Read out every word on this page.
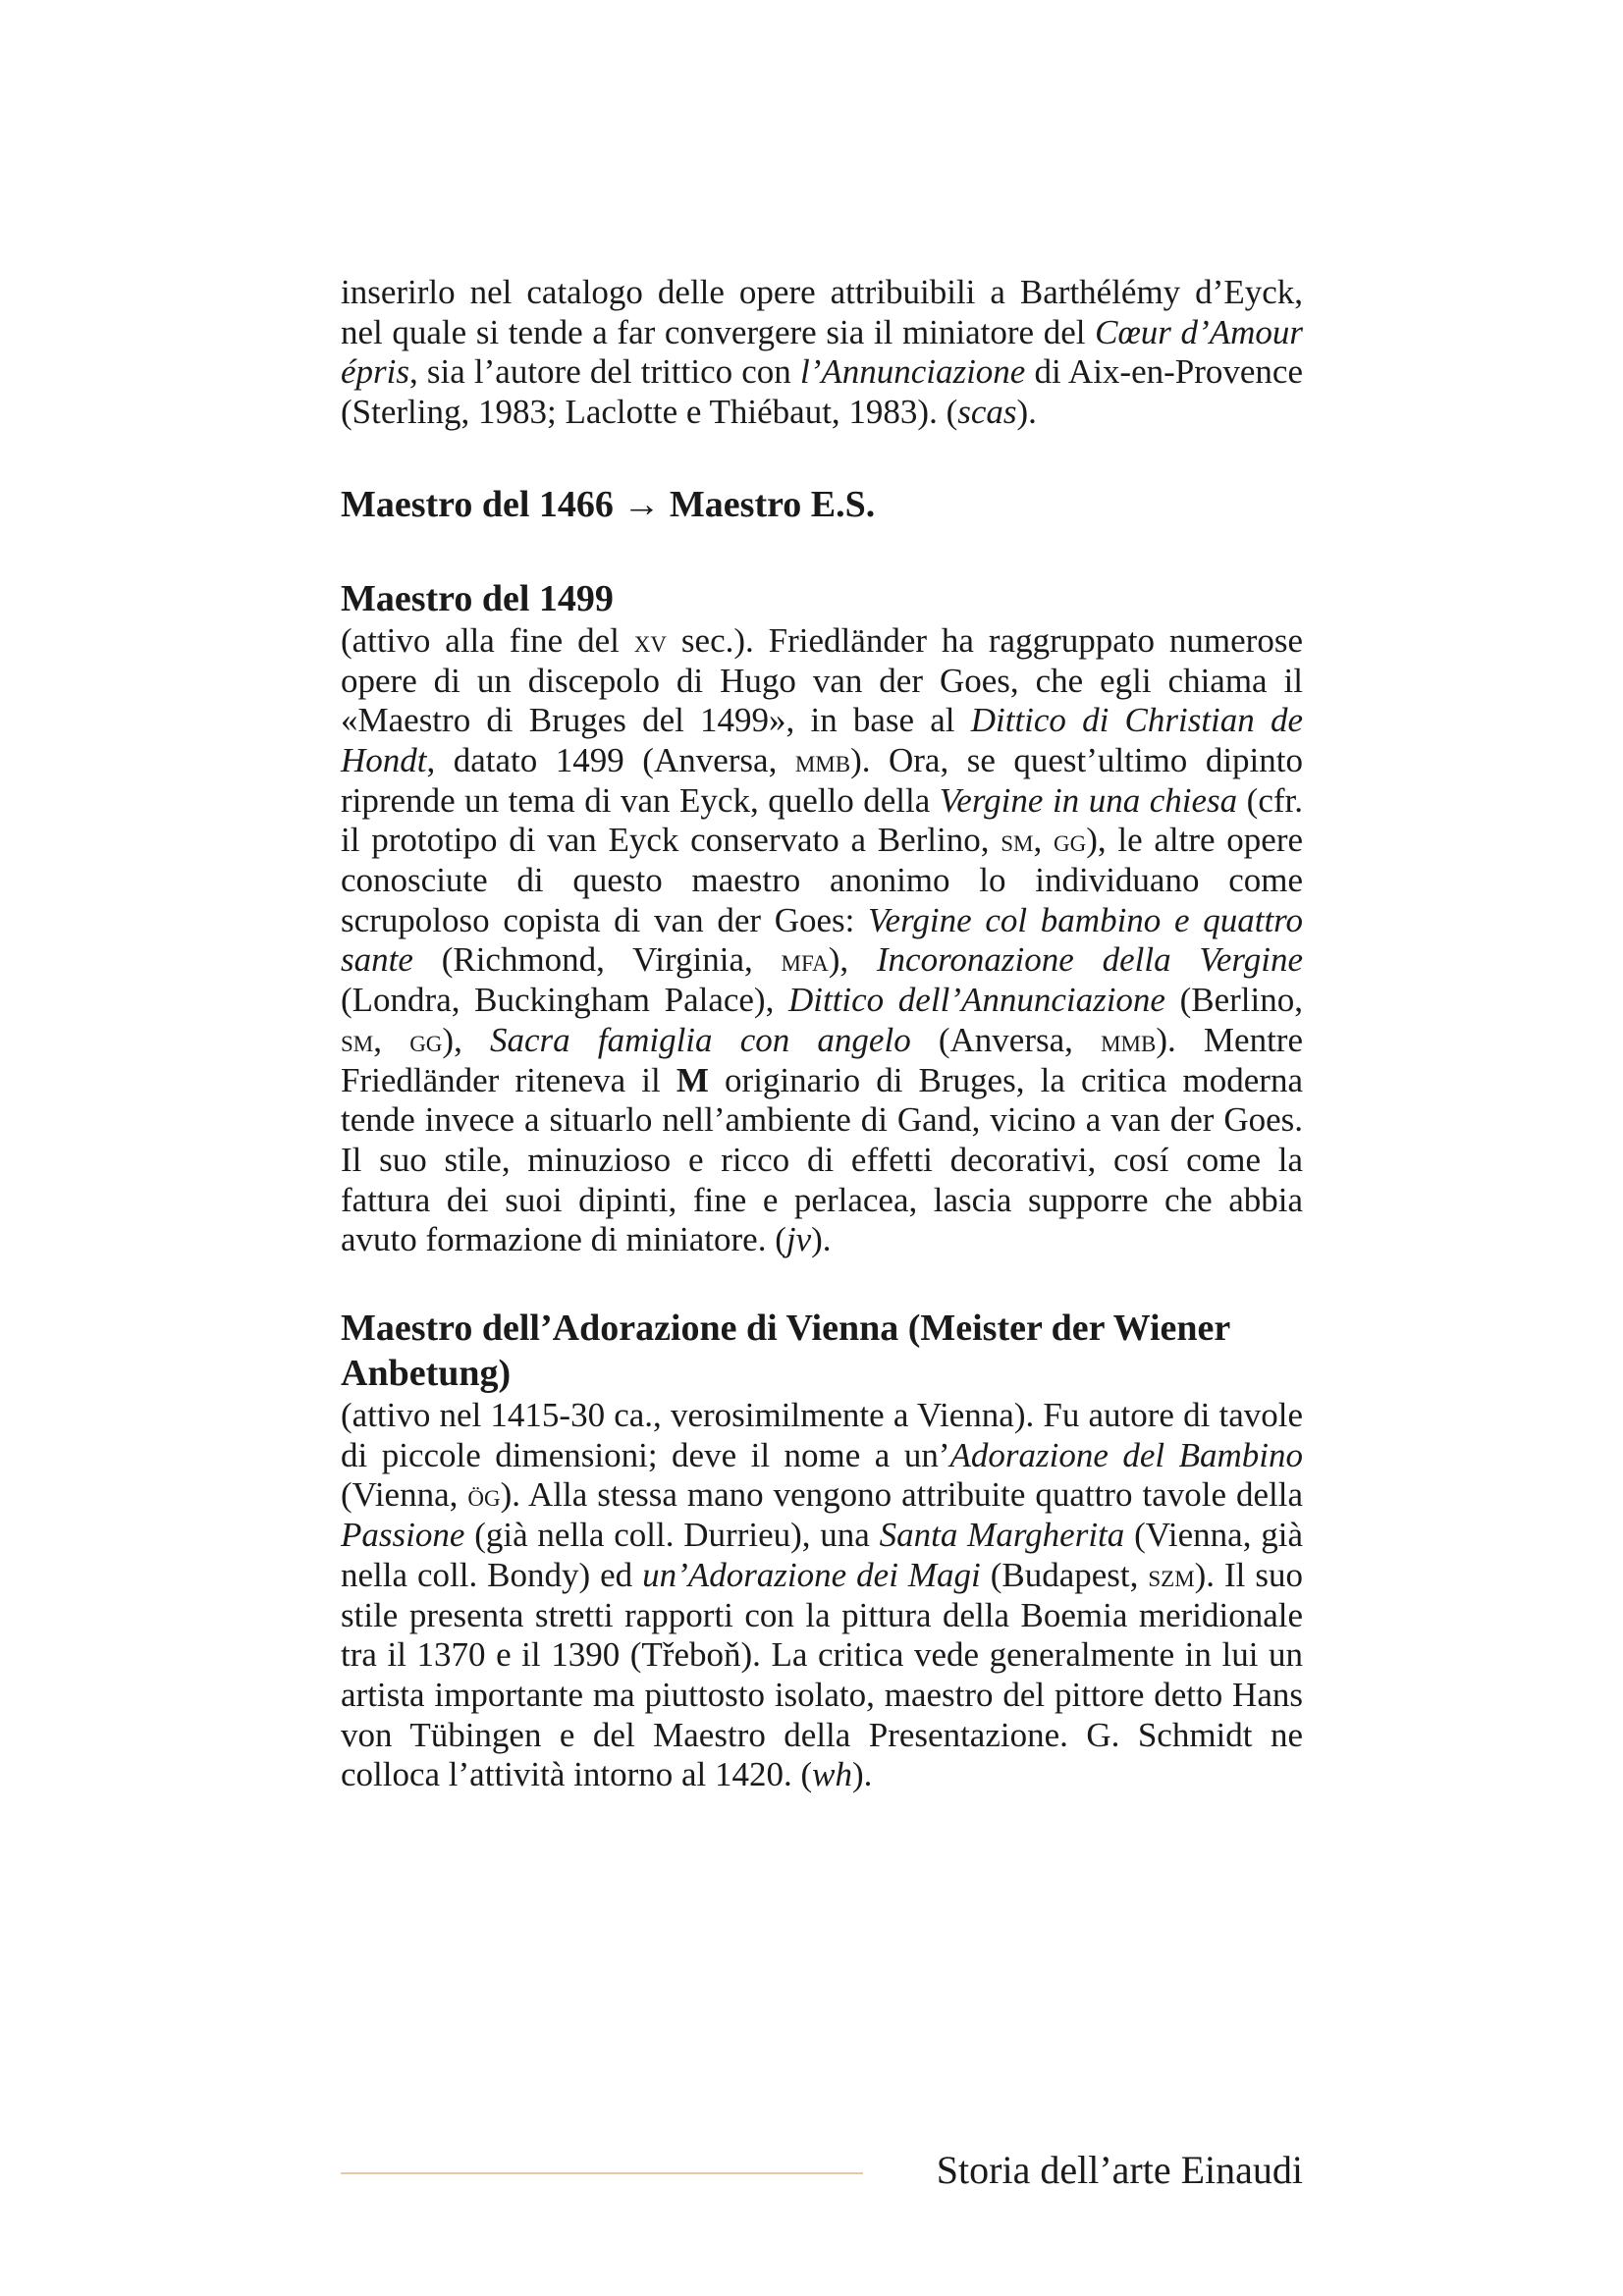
inserirlo nel catalogo delle opere attribuibili a Barthélémy d’Eyck, nel quale si tende a far convergere sia il miniatore del Cœur d’Amour épris, sia l’autore del trittico con l’Annunciazione di Aix-en-Provence (Sterling, 1983; Laclotte e Thiébaut, 1983). (scas).

Maestro del 1466 → Maestro E.S.
Maestro del 1499

(attivo alla fine del xv sec.). Friedländer ha raggruppato numerose opere di un discepolo di Hugo van der Goes, che egli chiama il «Maestro di Bruges del 1499», in base al Dittico di Christian de Hondt, datato 1499 (Anversa, mmb). Ora, se quest’ultimo dipinto riprende un tema di van Eyck, quello della Vergine in una chiesa (cfr. il prototipo di van Eyck conservato a Berlino, sm, gg), le altre opere conosciute di questo maestro anonimo lo individuano come scrupoloso copista di van der Goes: Vergine col bambino e quattro sante (Richmond, Virginia, mfa), Incoronazione della Vergine (Londra, Buckingham Palace), Dittico dell’Annunciazione (Berlino, sm, gg), Sacra famiglia con angelo (Anversa, mmb). Mentre Friedländer riteneva il M originario di Bruges, la critica moderna tende invece a situarlo nell’ambiente di Gand, vicino a van der Goes. Il suo stile, minuzioso e ricco di effetti decorativi, cosí come la fattura dei suoi dipinti, fine e perlacea, lascia supporre che abbia avuto formazione di miniatore. (jv).

Maestro dell’Adorazione di Vienna (Meister der Wiener Anbetung)

(attivo nel 1415-30 ca., verosimilmente a Vienna). Fu autore di tavole di piccole dimensioni; deve il nome a un’Adorazione del Bambino (Vienna, ög). Alla stessa mano vengono attribuite quattro tavole della Passione (già nella coll. Durrieu), una Santa Margherita (Vienna, già nella coll. Bondy) ed un’Adorazione dei Magi (Budapest, szm). Il suo stile presenta stretti rapporti con la pittura della Boemia meridionale tra il 1370 e il 1390 (Třeboň). La critica vede generalmente in lui un artista importante ma piuttosto isolato, maestro del pittore detto Hans von Tübingen e del Maestro della Presentazione. G. Schmidt ne colloca l’attività intorno al 1420. (wh).

Storia dell’arte Einaudi
